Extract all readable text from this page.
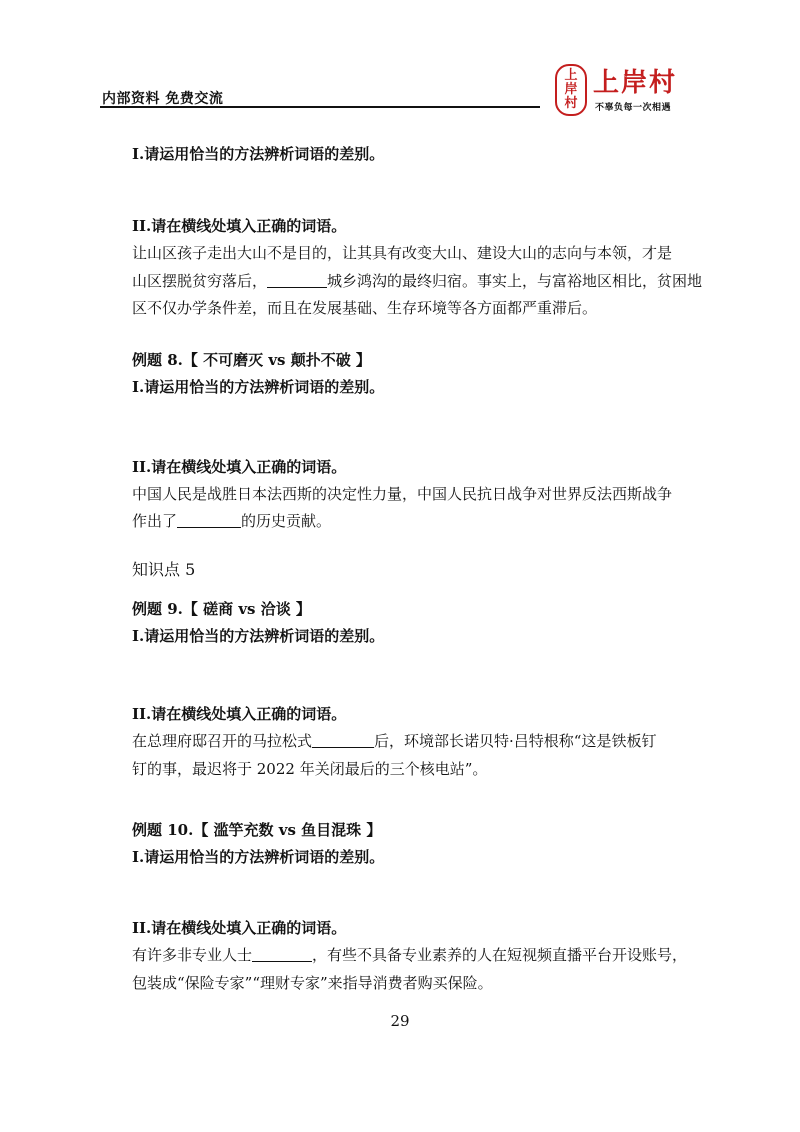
内部资料 免费交流
上
岸
村
上岸村
不辜负每一次相遇
I.请运用恰当的方法辨析词语的差别。
II.请在横线处填入正确的词语。
让山区孩子走出大山不是目的，让其具有改变大山、建设大山的志向与本领，才是
山区摆脱贫穷落后，	城乡鸿沟的最终归宿。事实上，与富裕地区相比，贫困地
区不仅办学条件差，而且在发展基础、生存环境等各方面都严重滞后。
例题 8.【 不可磨灭 vs 颠扑不破 】
I.请运用恰当的方法辨析词语的差别。
II.请在横线处填入正确的词语。
中国人民是战胜日本法西斯的决定性力量，中国人民抗日战争对世界反法西斯战争
作出了	的历史贡献。
知识点 5
例题 9.【 磋商 vs 洽谈 】
I.请运用恰当的方法辨析词语的差别。
II.请在横线处填入正确的词语。
在总理府邸召开的马拉松式	后，环境部长诺贝特·吕特根称“这是铁板钉
钉的事，最迟将于 2022 年关闭最后的三个核电站”。
例题 10.【 滥竽充数 vs 鱼目混珠 】
I.请运用恰当的方法辨析词语的差别。
II.请在横线处填入正确的词语。
有许多非专业人士	，有些不具备专业素养的人在短视频直播平台开设账号，
包装成“保险专家”“理财专家”来指导消费者购买保险。
29
